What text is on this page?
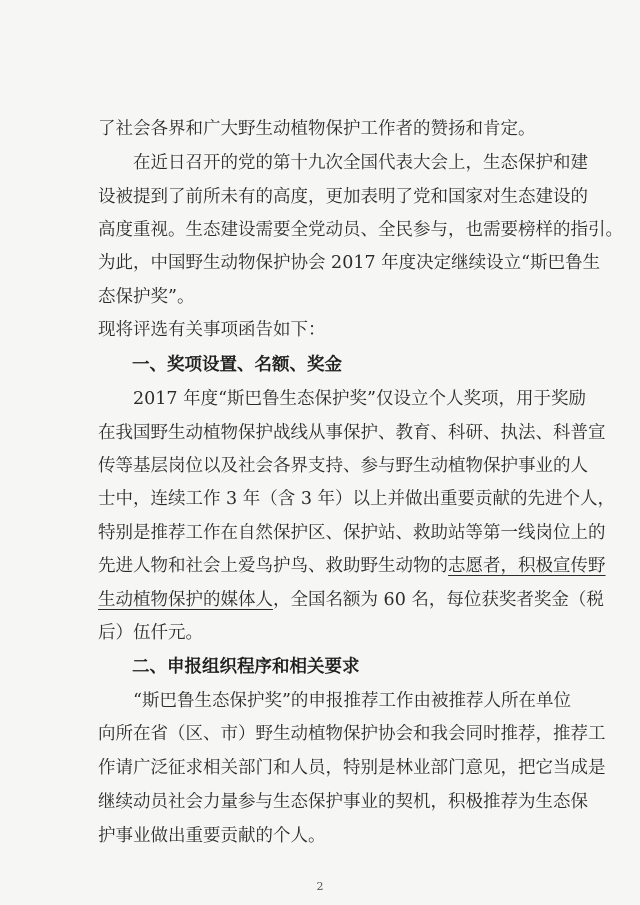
了社会各界和广大野生动植物保护工作者的赞扬和肯定。
在近日召开的党的第十九次全国代表大会上，生态保护和建
设被提到了前所未有的高度，更加表明了党和国家对生态建设的
高度重视。生态建设需要全党动员、全民参与，也需要榜样的指引。
为此，中国野生动物保护协会 2017 年度决定继续设立“斯巴鲁生
态保护奖”。
现将评选有关事项函告如下：
一、奖项设置、名额、奖金
2017 年度“斯巴鲁生态保护奖”仅设立个人奖项，用于奖励
在我国野生动植物保护战线从事保护、教育、科研、执法、科普宣
传等基层岗位以及社会各界支持、参与野生动植物保护事业的人
士中，连续工作 3 年（含 3 年）以上并做出重要贡献的先进个人，
特别是推荐工作在自然保护区、保护站、救助站等第一线岗位上的
先进人物和社会上爱鸟护鸟、救助野生动物的志愿者，积极宣传野
生动植物保护的媒体人，全国名额为 60 名，每位获奖者奖金（税
后）伍仟元。
二、申报组织程序和相关要求
“斯巴鲁生态保护奖”的申报推荐工作由被推荐人所在单位
向所在省（区、市）野生动植物保护协会和我会同时推荐，推荐工
作请广泛征求相关部门和人员，特别是林业部门意见，把它当成是
继续动员社会力量参与生态保护事业的契机，积极推荐为生态保
护事业做出重要贡献的个人。
2
